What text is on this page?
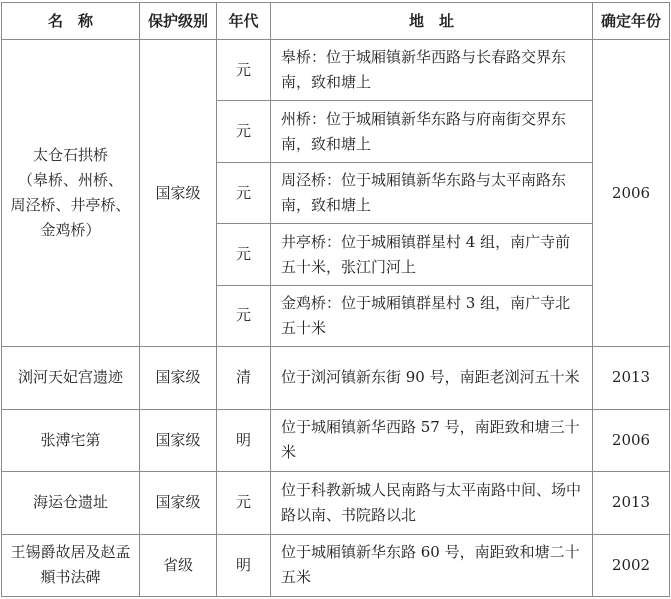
名　称	保护级别	年代	地　址	确定年份

太仓石拱桥
（皋桥、州桥、
周泾桥、井亭桥、
金鸡桥）	国家级	元	皋桥：位于城厢镇新华西路与长春路交界东南，致和塘上	2006
		元	州桥：位于城厢镇新华东路与府南街交界东南，致和塘上	
		元	周泾桥：位于城厢镇新华东路与太平南路东南，致和塘上	
		元	井亭桥：位于城厢镇群星村 4 组，南广寺前五十米，张江门河上	
		元	金鸡桥：位于城厢镇群星村 3 组，南广寺北五十米	
浏河天妃宫遗迹	国家级	清	位于浏河镇新东街 90 号，南距老浏河五十米	2013
张溥宅第	国家级	明	位于城厢镇新华西路 57 号，南距致和塘三十米	2006
海运仓遗址	国家级	元	位于科教新城人民南路与太平南路中间、场中路以南、书院路以北	2013
王锡爵故居及赵孟頫书法碑	省级	明	位于城厢镇新华东路 60 号，南距致和塘二十五米	2002
